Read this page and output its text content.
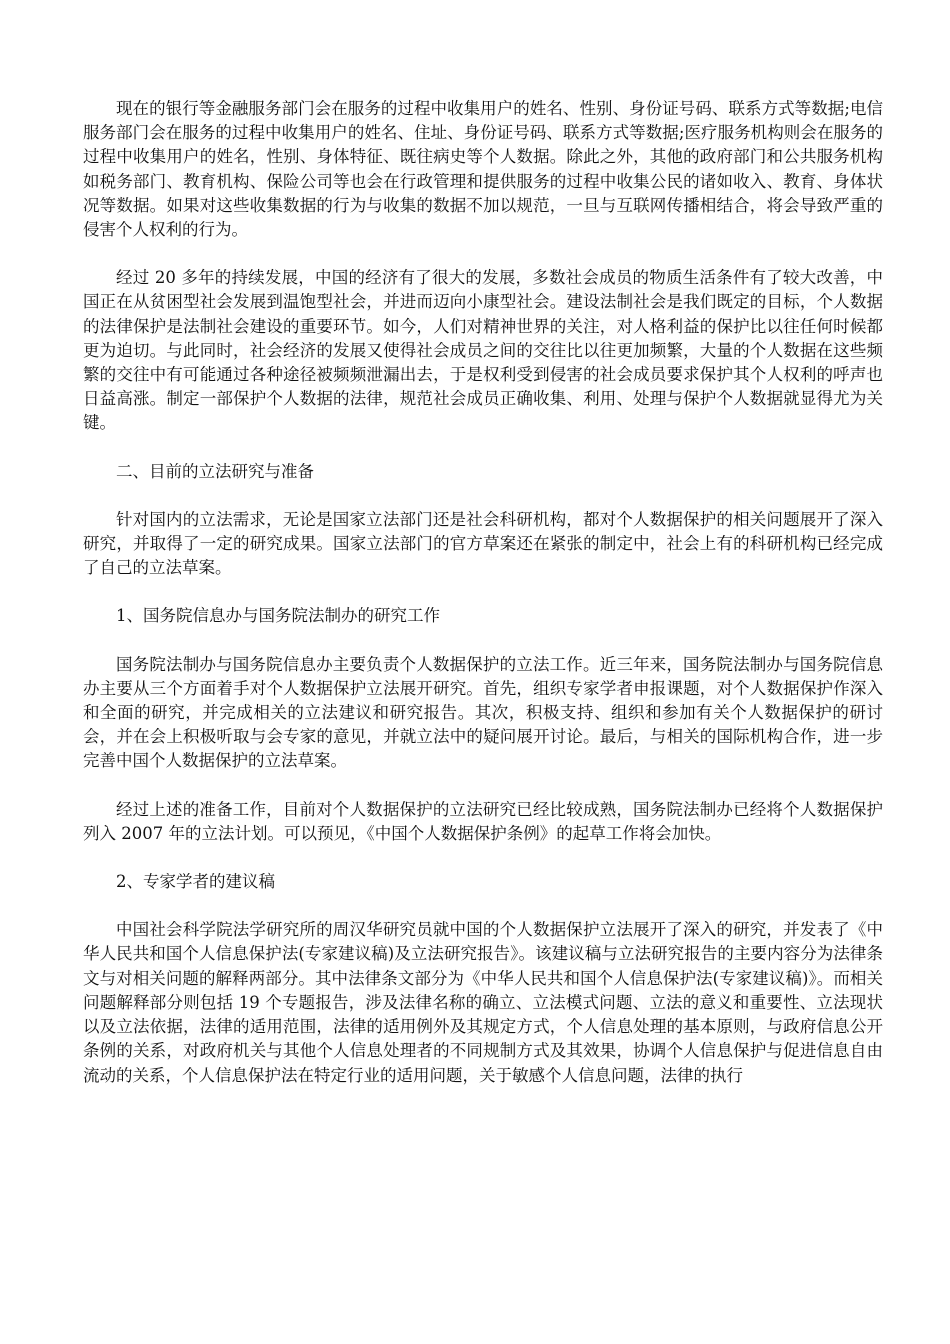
现在的银行等金融服务部门会在服务的过程中收集用户的姓名、性别、身份证号码、联系方式等数据;电信服务部门会在服务的过程中收集用户的姓名、住址、身份证号码、联系方式等数据;医疗服务机构则会在服务的过程中收集用户的姓名，性别、身体特征、既往病史等个人数据。除此之外，其他的政府部门和公共服务机构如税务部门、教育机构、保险公司等也会在行政管理和提供服务的过程中收集公民的诸如收入、教育、身体状况等数据。如果对这些收集数据的行为与收集的数据不加以规范，一旦与互联网传播相结合，将会导致严重的侵害个人权利的行为。

经过 20 多年的持续发展，中国的经济有了很大的发展，多数社会成员的物质生活条件有了较大改善，中国正在从贫困型社会发展到温饱型社会，并进而迈向小康型社会。建设法制社会是我们既定的目标，个人数据的法律保护是法制社会建设的重要环节。如今，人们对精神世界的关注，对人格利益的保护比以往任何时候都更为迫切。与此同时，社会经济的发展又使得社会成员之间的交往比以往更加频繁，大量的个人数据在这些频繁的交往中有可能通过各种途径被频频泄漏出去，于是权利受到侵害的社会成员要求保护其个人权利的呼声也日益高涨。制定一部保护个人数据的法律，规范社会成员正确收集、利用、处理与保护个人数据就显得尤为关键。

二、目前的立法研究与准备

针对国内的立法需求，无论是国家立法部门还是社会科研机构，都对个人数据保护的相关问题展开了深入研究，并取得了一定的研究成果。国家立法部门的官方草案还在紧张的制定中，社会上有的科研机构已经完成了自己的立法草案。

1、国务院信息办与国务院法制办的研究工作

国务院法制办与国务院信息办主要负责个人数据保护的立法工作。近三年来，国务院法制办与国务院信息办主要从三个方面着手对个人数据保护立法展开研究。首先，组织专家学者申报课题，对个人数据保护作深入和全面的研究，并完成相关的立法建议和研究报告。其次，积极支持、组织和参加有关个人数据保护的研讨会，并在会上积极听取与会专家的意见，并就立法中的疑问展开讨论。最后，与相关的国际机构合作，进一步完善中国个人数据保护的立法草案。

经过上述的准备工作，目前对个人数据保护的立法研究已经比较成熟，国务院法制办已经将个人数据保护列入 2007 年的立法计划。可以预见，《中国个人数据保护条例》的起草工作将会加快。

2、专家学者的建议稿

中国社会科学院法学研究所的周汉华研究员就中国的个人数据保护立法展开了深入的研究，并发表了《中华人民共和国个人信息保护法(专家建议稿)及立法研究报告》。该建议稿与立法研究报告的主要内容分为法律条文与对相关问题的解释两部分。其中法律条文部分为《中华人民共和国个人信息保护法(专家建议稿)》。而相关问题解释部分则包括 19 个专题报告，涉及法律名称的确立、立法模式问题、立法的意义和重要性、立法现状以及立法依据，法律的适用范围，法律的适用例外及其规定方式，个人信息处理的基本原则，与政府信息公开条例的关系，对政府机关与其他个人信息处理者的不同规制方式及其效果，协调个人信息保护与促进信息自由流动的关系，个人信息保护法在特定行业的适用问题，关于敏感个人信息问题，法律的执行
